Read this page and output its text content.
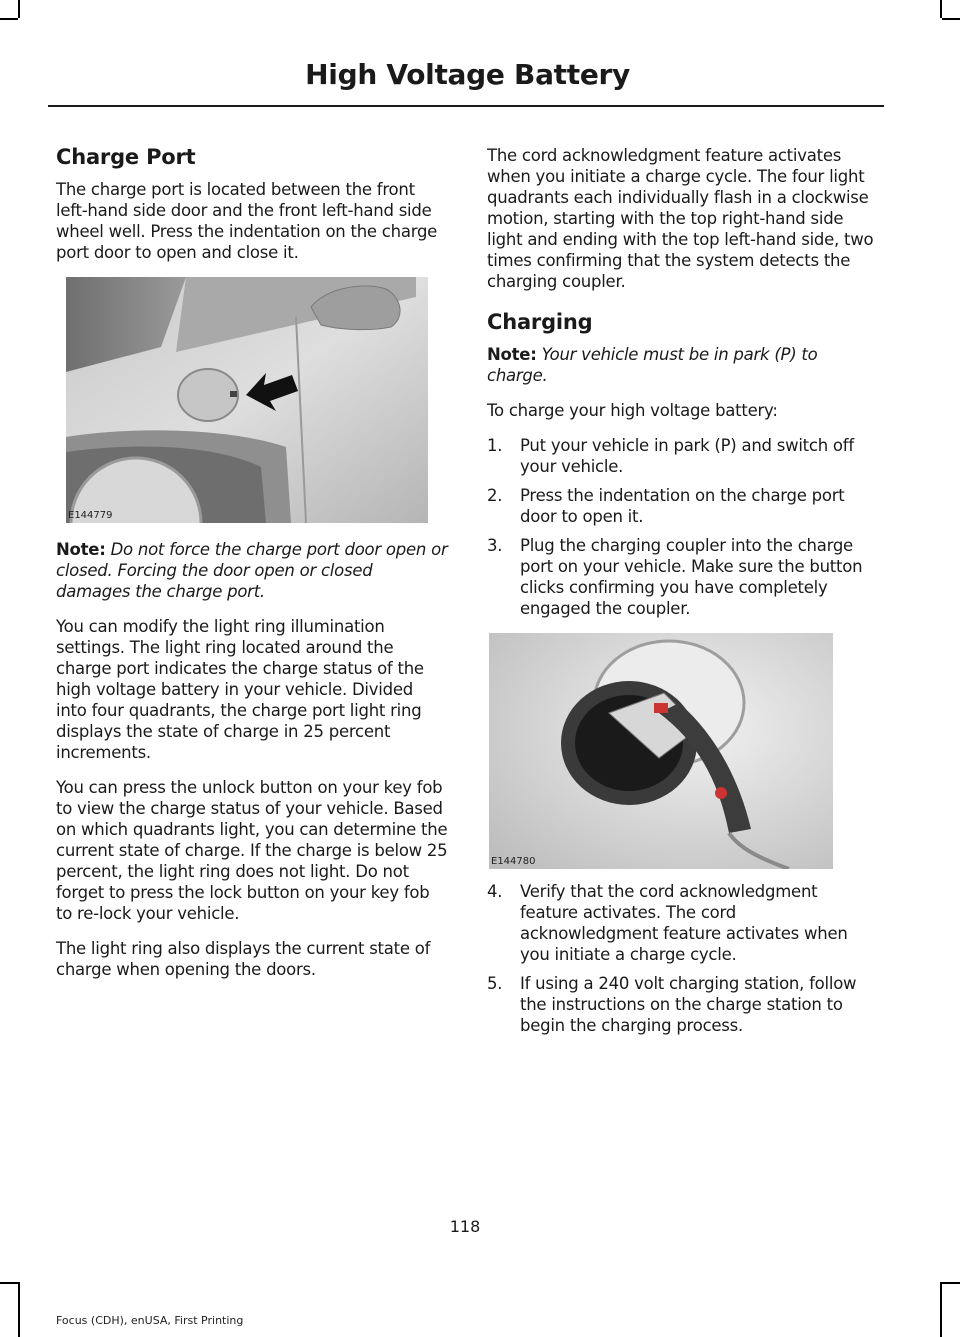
High Voltage Battery
Charge Port

The charge port is located between the front left-hand side door and the front left-hand side wheel well. Press the indentation on the charge port door to open and close it.

E144779

Note: Do not force the charge port door open or closed. Forcing the door open or closed damages the charge port.

You can modify the light ring illumination settings. The light ring located around the charge port indicates the charge status of the high voltage battery in your vehicle. Divided into four quadrants, the charge port light ring displays the state of charge in 25 percent increments.

You can press the unlock button on your key fob to view the charge status of your vehicle. Based on which quadrants light, you can determine the current state of charge. If the charge is below 25 percent, the light ring does not light. Do not forget to press the lock button on your key fob to re-lock your vehicle.

The light ring also displays the current state of charge when opening the doors.

The cord acknowledgment feature activates when you initiate a charge cycle. The four light quadrants each individually flash in a clockwise motion, starting with the top right-hand side light and ending with the top left-hand side, two times confirming that the system detects the charging coupler.

Charging

Note: Your vehicle must be in park (P) to charge.

To charge your high voltage battery:

1. Put your vehicle in park (P) and switch off your vehicle.
2. Press the indentation on the charge port door to open it.
3. Plug the charging coupler into the charge port on your vehicle. Make sure the button clicks confirming you have completely engaged the coupler.
E144780
4. Verify that the cord acknowledgment feature activates. The cord acknowledgment feature activates when you initiate a charge cycle.
5. If using a 240 volt charging station, follow the instructions on the charge station to begin the charging process.
118
Focus (CDH), enUSA, First Printing
